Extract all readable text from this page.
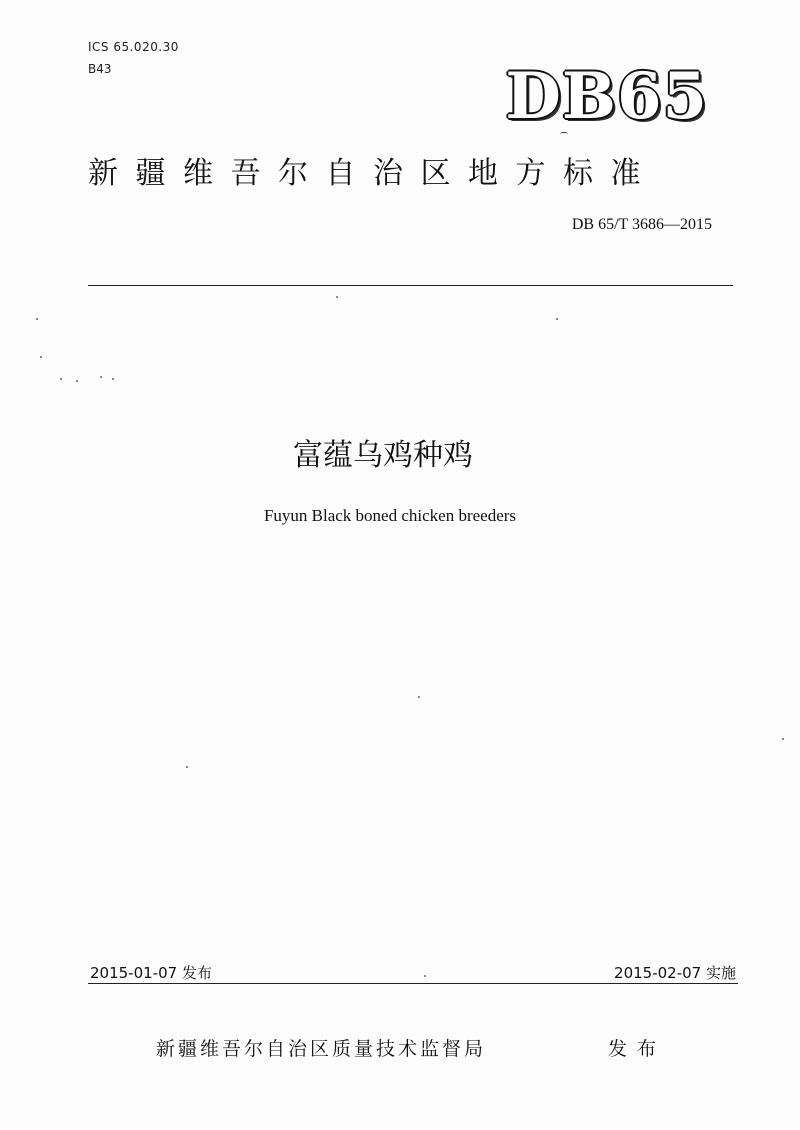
ICS 65.020.30
B43	DB65
新疆维吾尔自治区地方标准
DB 65/T 3686—2015
富蕴乌鸡种鸡
Fuyun Black boned chicken breeders
2015-01-07 发布	2015-02-07 实施
新疆维吾尔自治区质量技术监督局	发布
